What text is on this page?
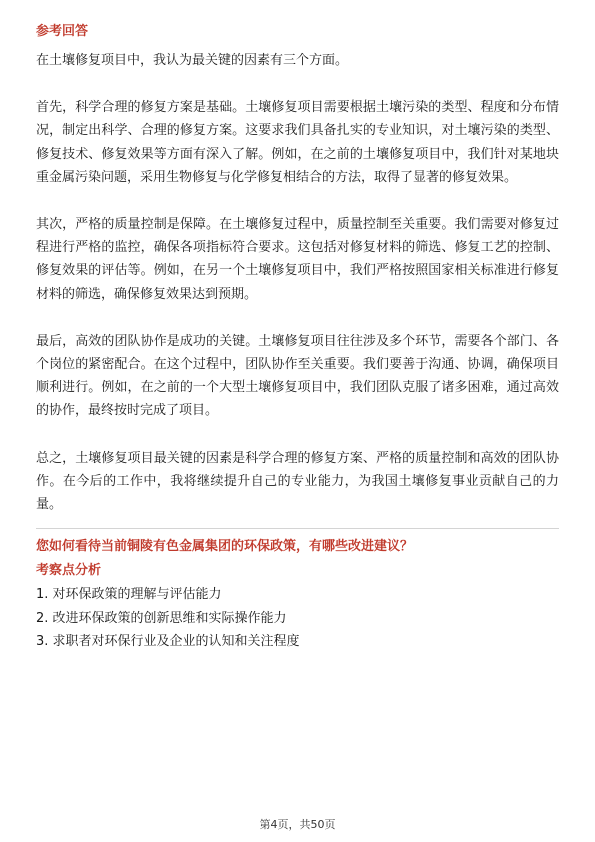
参考回答

在土壤修复项目中，我认为最关键的因素有三个方面。

首先，科学合理的修复方案是基础。土壤修复项目需要根据土壤污染的类型、程度和分布情况，制定出科学、合理的修复方案。这要求我们具备扎实的专业知识，对土壤污染的类型、修复技术、修复效果等方面有深入了解。例如，在之前的土壤修复项目中，我们针对某地块重金属污染问题，采用生物修复与化学修复相结合的方法，取得了显著的修复效果。

其次，严格的质量控制是保障。在土壤修复过程中，质量控制至关重要。我们需要对修复过程进行严格的监控，确保各项指标符合要求。这包括对修复材料的筛选、修复工艺的控制、修复效果的评估等。例如，在另一个土壤修复项目中，我们严格按照国家相关标准进行修复材料的筛选，确保修复效果达到预期。

最后，高效的团队协作是成功的关键。土壤修复项目往往涉及多个环节，需要各个部门、各个岗位的紧密配合。在这个过程中，团队协作至关重要。我们要善于沟通、协调，确保项目顺利进行。例如，在之前的一个大型土壤修复项目中，我们团队克服了诸多困难，通过高效的协作，最终按时完成了项目。

总之，土壤修复项目最关键的因素是科学合理的修复方案、严格的质量控制和高效的团队协作。在今后的工作中，我将继续提升自己的专业能力，为我国土壤修复事业贡献自己的力量。

您如何看待当前铜陵有色金属集团的环保政策，有哪些改进建议？
考察点分析
1. 对环保政策的理解与评估能力
2. 改进环保政策的创新思维和实际操作能力
3. 求职者对环保行业及企业的认知和关注程度
第4页，共50页
